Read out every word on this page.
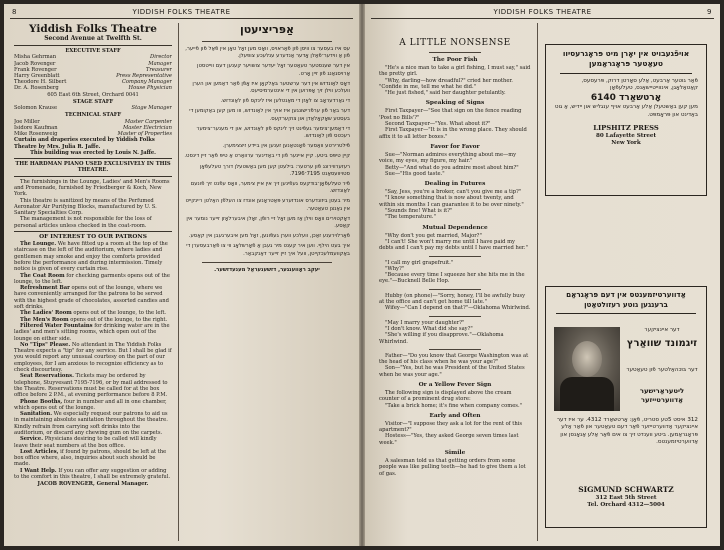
8	YIDDISH FOLKS THEATRE
Yiddish Folks Theatre
Second Avenue at Twelfth St.
EXECUTIVE STAFF
Misha Gehrman	Director
Jacob Rovenger	Manager
Frank Rovenger	Treasurer
Harry Greenblatt	Press Representative
Theodore H. Silbert	Company Manager
Dr. A. Rosenberg	House Physician
605 East 6th Street, Orchard 0041
STAGE STAFF
Solomon Krause	Stage Manager
TECHNICAL STAFF
Joe Miller	Master Carpenter
Isidore Kaufman	Master Electrician
Mike Rosenweig	Master of Properties
Curtain and draperies executed by Yiddish Folks Theatre by Mrs. Julia R. Jaffe.
This building was erected by Louis N. Jaffe.
THE HARDMAN PIANO USED EXCLUSIVELY IN THIS THEATRE.
The furnishings in the Lounge, Ladies' and Men's Rooms and Promenade, furnished by Friedberger & Koch, New York.
This theatre is sanitized by means of the Perfumed Aeronator Air Purifying Blocks, manufactured by U. S. Sanitary Specialties Corp.
The management is not responsible for the loss of personal articles unless checked in the coat-room.
OF INTEREST TO OUR PATRONS
The Lounge. We have fitted up a room at the top of the staircase on the left of the auditorium, where ladies and gentlemen may smoke and enjoy the comforts provided before the performance and during intermission. Timely notice is given of every curtain rise.
The Coat Room for checking garments opens out of the lounge, to the left.
Refreshment Bar opens out of the lounge, where we have conveniently arranged for the patrons to be served with the highest grade of chocolates, assorted candies and soft drinks.
The Ladies' Room opens out of the lounge, to the left.
The Men's Room opens out of the lounge, to the right.
Filtered Water Fountains for drinking water are in the ladies' and men's sitting rooms, which open out of the lounge on either side.
No "Tips" Please. No attendant in The Yiddish Folks Theatre expects a "tip" for any service. But I shall be glad if you would report any unusual courtesy on the part of our employees, for I am anxious to recognize efficiency as to check discourtesy.
Seat Reservations. Tickets may be ordered by telephone, Stuyvesant 7195-7196, or by mail addressed to the Theatre. Reservations must be called for at the box office before 2 P.M., at evening performance before 8 P.M.
Phone Booths, four in number and all in one chamber, which opens out of the lounge.
Sanitation. We especially request our patrons to aid us in maintaining absolute sanitation throughout the theatre. Kindly refrain from carrying soft drinks into the auditorium, or discard any chewing gum on the carpets.
Service. Physicians desiring to be called will kindly leave their seat numbers at the box office.
Lost Articles, if found by patrons, should be left at the box office where, also, inquiries about such should be made.
I Want Help. If you can offer any suggestion or adding to the comfort in this theatre, I shall be extremely grateful.
JACOB ROVENGER, General Manager.
אַפּריציעטן

עס איז בעסער צו וויסן פֿון פֿאַראויס, וואָס מען זאָל טאָן אין פֿאַל פֿון פֿייער, פֿון אַ ווידער־פֿאַלן אָדער אַנדערע ענלעכע צופעלן.

אין דער שענסטער טעאַטער זאָל יעדער צושויער קענען דעם ווייטסטן אַרויסגאַנג פֿון זיין אָרט.

דאָס לאַונדזש אין דער ערשטער בּאַלקאָן איז אָפֿן פֿאַר דאַמען און הערן וועלכע ווילן זיך אָפּרוען אין די אינטערמיסיעס.

די גאַרדעראָב צו לאָזן די מאַנטלען איז לינקס פֿון לאַונדזש.

דער באַר פֿון ערפֿרישונגען איז אויך אין לאַונדזש, ווו מען קען באַקומען די בעסטע שאָקאָלאַדן און צוקערקעס.

די דאַמען־צימער געפֿינט זיך לינקס פֿון לאַונדזש, און די מענער־צימער רעכטס פֿון לאַונדזש.

פֿילטרירטע וואַסער פֿאָנטאַנען זענען אין ביידע זיצצימערן.

קיין טיפּס ביטע. קיין איינער פֿון די באַדינער ערוואַרט אַ טיפּ פֿאַר זיין דינסט.

רעזערווירונג פֿון ערטער: בילעטן קען מען באַשטעלן דורך טעלעפֿאָן סטויוועסאַנט 7195־7196.

פֿיר טעלעפֿאָן־בודקעס געפֿינען זיך אין איין צימער, וואָס עפֿנט זיך פֿונעם לאַונדזש.

מיר בעטן ביזונדערס אונדזערע פּאַטראָנען אונדז צו העלפֿן האַלטן ריינקייט אין גאַנצן טעאַטער.

דאָקטוירים וואָס ווילן אַז מען זאָל זיי רופֿן, זאָלן איבערלאָזן זייער נומער אין קאַסע.

פֿאַרלוירענע זאַכן, וועלכע ווערן געפֿונען, זאָל מען איבערגעבן אין קאַסע.

איך בעט הילף. ווען איר קענט מיר געבן אַ פֿאָרשלאָג ווי צו פֿאַרבעסערן די באַקוועמלעכקייטן, וועל איך זיין זייער דאַנקבאַר.

יעקב ראָווענגער, דזשענעראַל מענעדזשער.
YIDDISH FOLKS THEATRE	9
A LITTLE NONSENSE
The Poor Fish
"He's a nice man to take a girl fishing, I must say," said the pretty girl.
"Why, darling—how dreadful?" cried her mother. "Confide in me, tell me what he did."
"He just fished," said her daughter petulantly.
Speaking of Signs
First Taxpayer—"See that sign on the fence reading 'Post no Bills'?"
Second Taxpayer—"Yes. What about it?"
First Taxpayer—"It is in the wrong place. They should affix it to all letter boxes."
Favor for Favor
Sue—"Norman admires everything about me—my voice, my eyes, my figure, my hair."
Betty—"And what do you admire most about him?"
Sue—"His good taste."
Dealing in Futures
"Say, Jess, you're a broker, can't you give me a tip?"
"I know something that is now about twenty, and within six months I can guarantee it to be over ninety."
"Sounds fine! What is it?"
"The temperature."
Mutual Dependence
"Why don't you get married, Major?"
"I can't! She won't marry me until I have paid my debts and I can't pay my debts until I have married her."
"I call my girl grapefruit."
"Why?"
"Because every time I squeeze her she hits me in the eye."—Bucknell Belle Hop.
Hubby (on phone)—"Sorry, honey, I'll be awfully busy at the office and can't get home till late."
Wifey—"Can I depend on that?"—Oklahoma Whirlwind.
"May I marry your daughter?"
"I don't know. What did she say?"
"She's willing if you disapprove."—Oklahoma Whirlwind.
Father—"Do you know that George Washington was at the head of his class when he was your age?"
Son—"Yes, but he was President of the United States when he was your age."
Or a Yellow Fever Sign
The following sign is displayed above the cream counter of a prominent drug store:
"Take a brick home; it's fine when company comes."
Early and Often
Visitor—"I suppose they ask a lot for the rent of this apartment?"
Hostess—"Yes, they asked George seven times last week."
Simile
A salesman told us that getting orders from some people was like pulling teeth—he had to give them a lot of gas.
אויפֿגעבויט אין יאָרן מיט פּראָגרעסיוו טעאַטער פּראָגראַמען
פֿאַר גוטער אַרבעט, אַלע סאָרטן דרוק, פּרעסעס, קאַטאַלאָגן, אינווייטיישאַנס, טעלעפֿאָן
אָרטשאַרד 6140
מען קען באַשטעלן אַלע אַרבעט אויף ענגליש און יידיש, אַ גוט באַדינט און פּראָמפּט.
LIPSHITZ PRESS
80 Lafayette Street
New York
אַדווערטיזמענטס אין דעם פּראָגראַם ברענגען גוטע רעזולטאַטן
דער איינציקער
זיגמונד שוואַרץ
דער בּוּכהאַלטער פֿון טעאַטער
ליטעראַרישער אַדווערטייזער
312 איסט 5טע סטריט, פֿאָן: אָרטשאַרד 4312. ער איז דער איינציקער אַדווערטייזער פֿאַר דעם טעאַטער און פֿאַר אַלע פּראָגראַמען. ביטע ווענדט זיך צו אים פֿאַר אַלע אַנאָנסן און אַדווערטיזמענטס.
SIGMUND SCHWARTZ
312 East 5th Street
Tel. Orchard 4312—5004
